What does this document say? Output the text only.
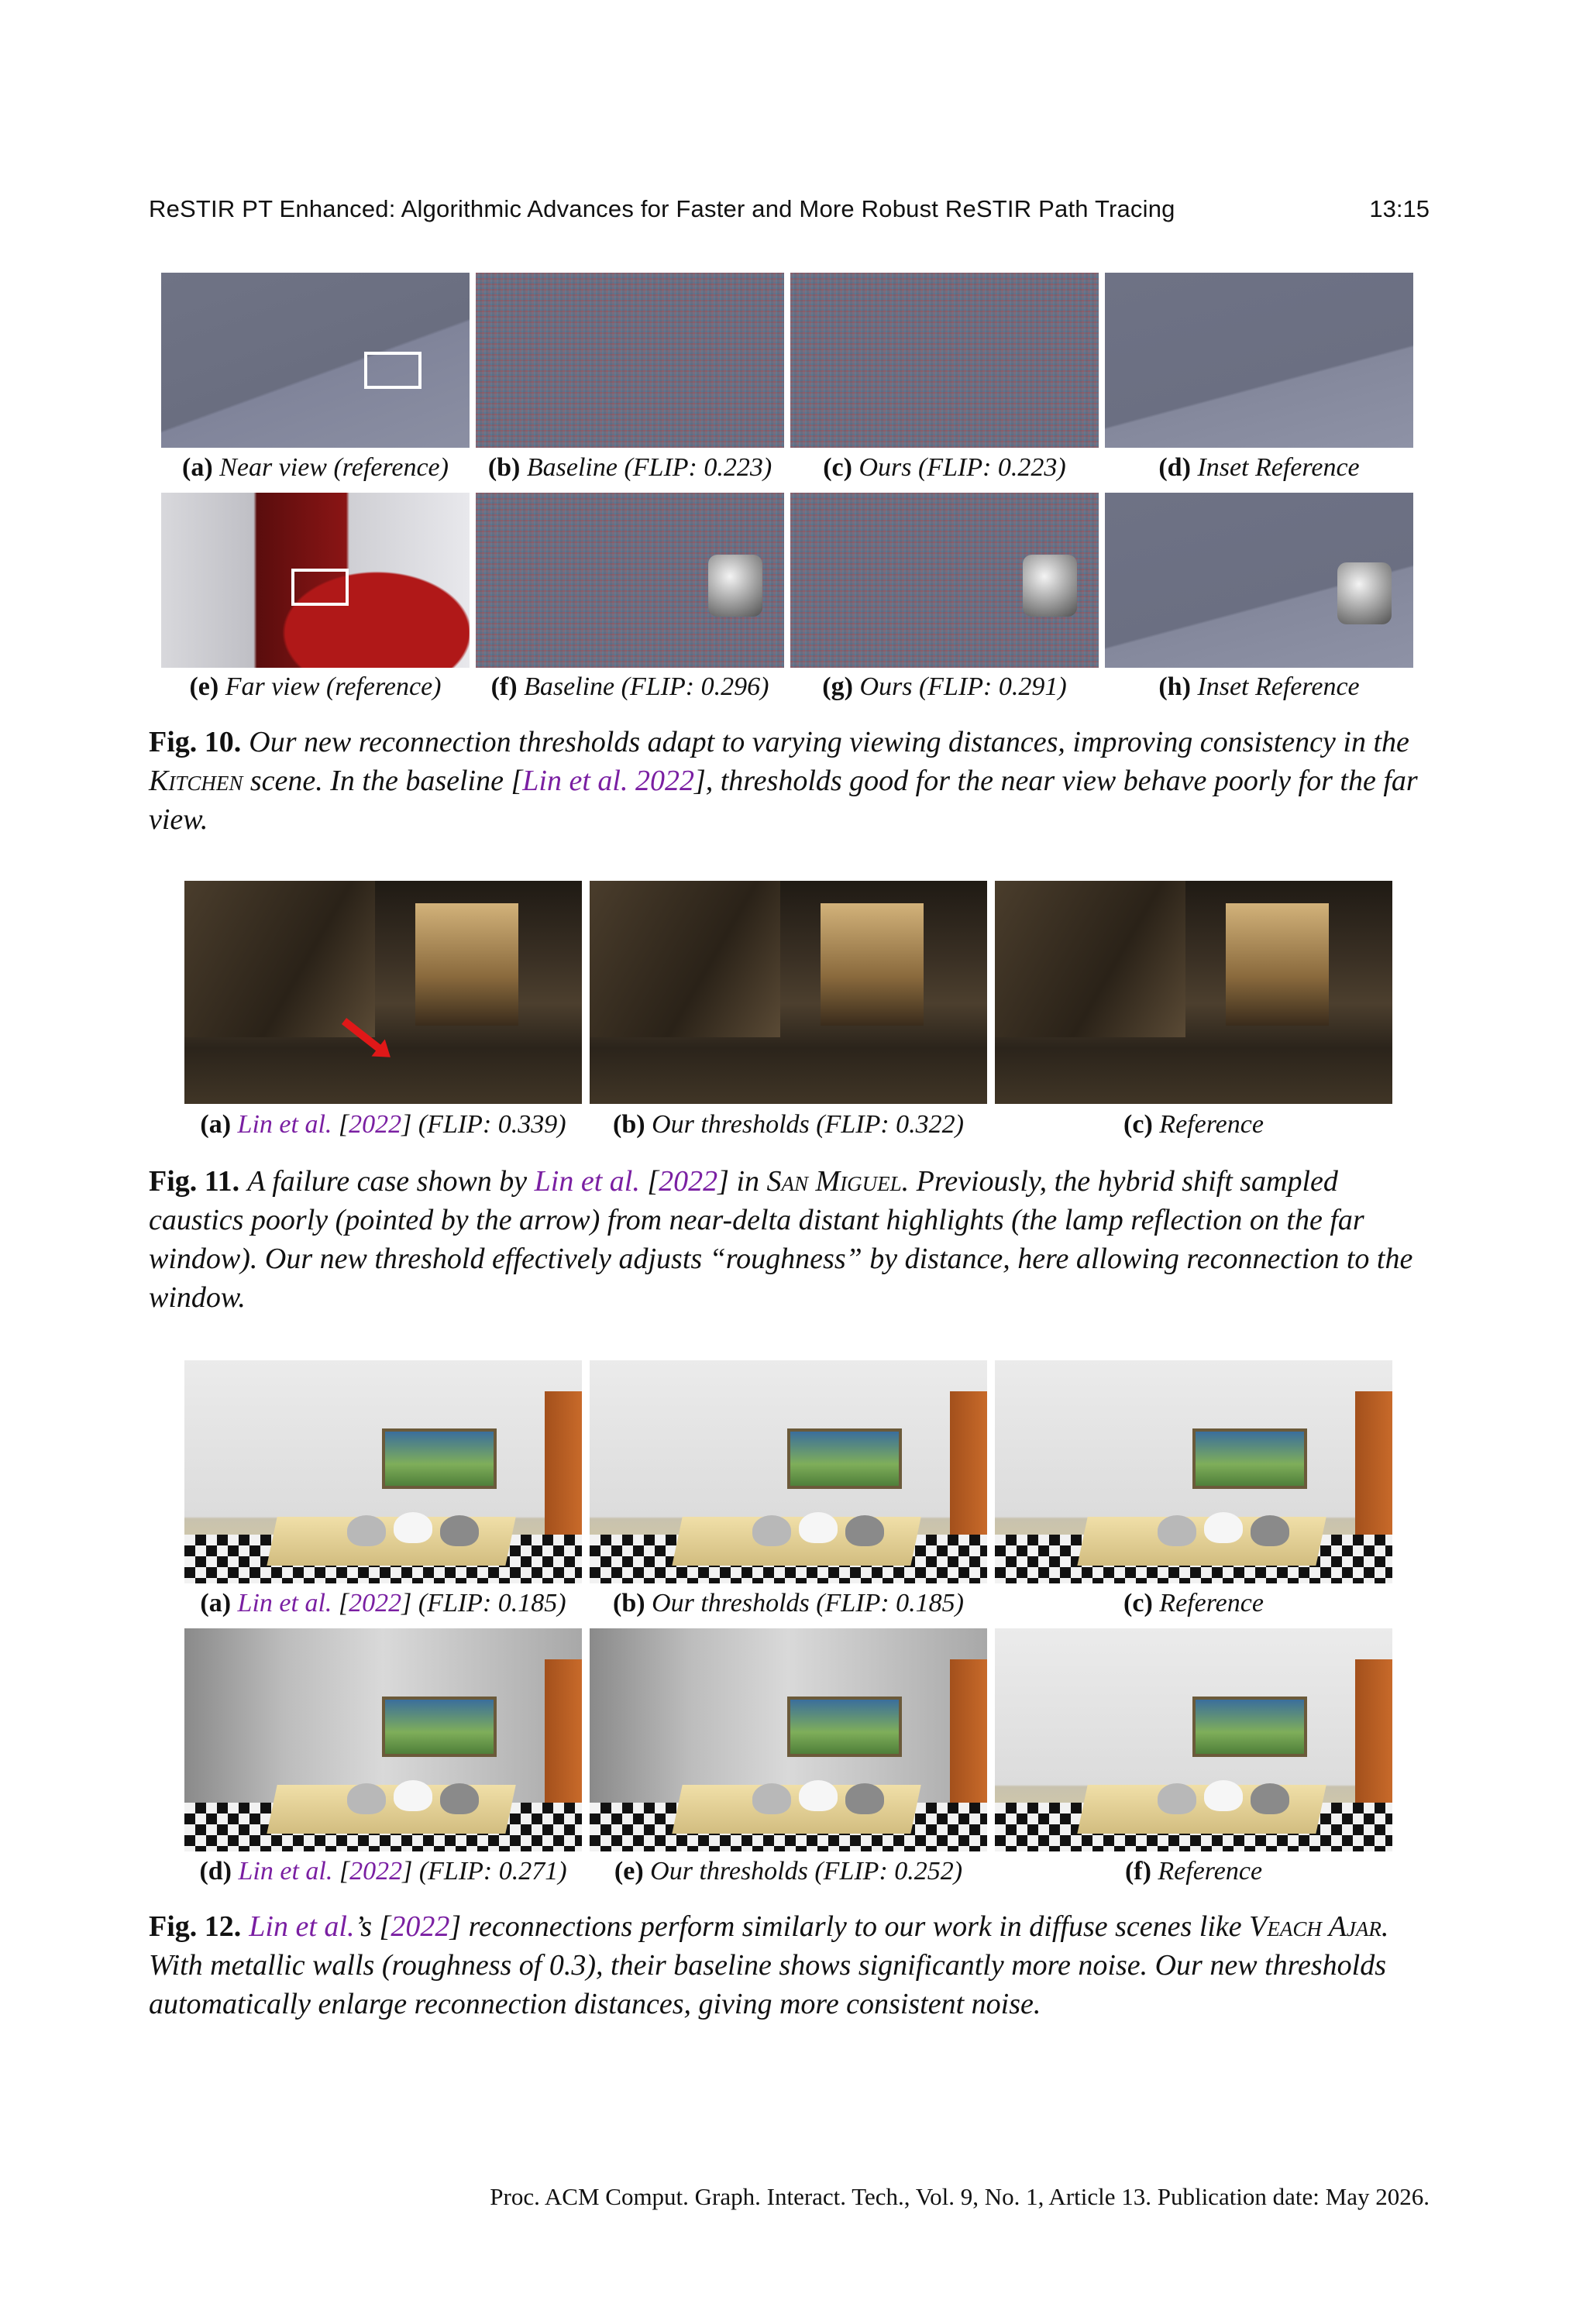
ReSTIR PT Enhanced: Algorithmic Advances for Faster and More Robust ReSTIR Path Tracing	13:15
(a) Near view (reference)	(b) Baseline (FLIP: 0.223)	(c) Ours (FLIP: 0.223)	(d) Inset Reference
(e) Far view (reference)	(f) Baseline (FLIP: 0.296)	(g) Ours (FLIP: 0.291)	(h) Inset Reference
Fig. 10. Our new reconnection thresholds adapt to varying viewing distances, improving consistency in the Kitchen scene. In the baseline [Lin et al. 2022], thresholds good for the near view behave poorly for the far view.
(a) Lin et al. [2022] (FLIP: 0.339)	(b) Our thresholds (FLIP: 0.322)	(c) Reference
Fig. 11. A failure case shown by Lin et al. [2022] in San Miguel. Previously, the hybrid shift sampled caustics poorly (pointed by the arrow) from near-delta distant highlights (the lamp reflection on the far window). Our new threshold effectively adjusts “roughness” by distance, here allowing reconnection to the window.
(a) Lin et al. [2022] (FLIP: 0.185)	(b) Our thresholds (FLIP: 0.185)	(c) Reference
(d) Lin et al. [2022] (FLIP: 0.271)	(e) Our thresholds (FLIP: 0.252)	(f) Reference
Fig. 12. Lin et al.’s [2022] reconnections perform similarly to our work in diffuse scenes like Veach Ajar. With metallic walls (roughness of 0.3), their baseline shows significantly more noise. Our new thresholds automatically enlarge reconnection distances, giving more consistent noise.
Proc. ACM Comput. Graph. Interact. Tech., Vol. 9, No. 1, Article 13. Publication date: May 2026.
